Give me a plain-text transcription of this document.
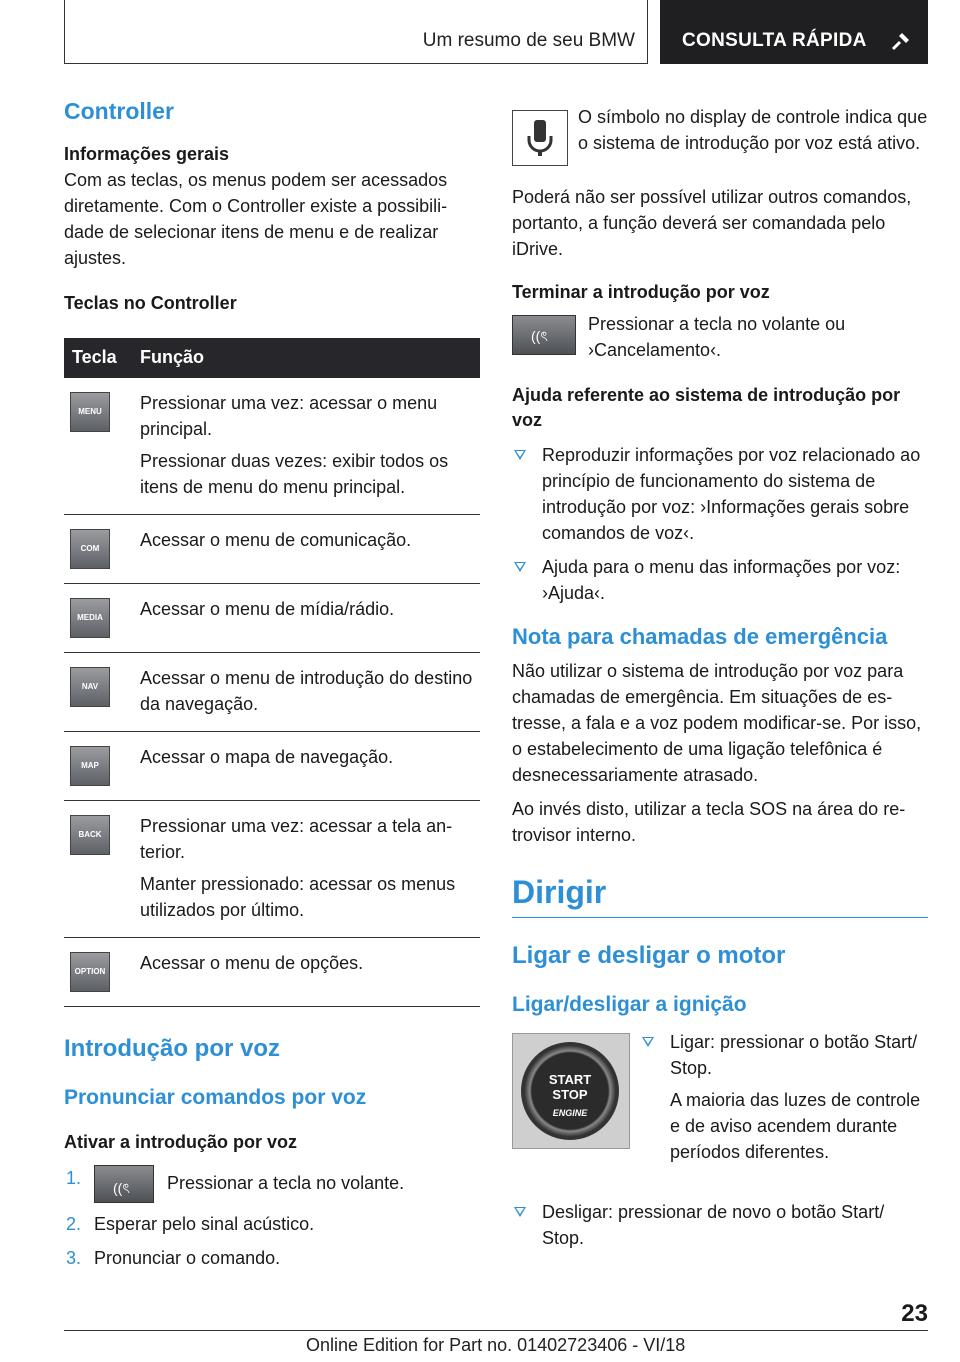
Um resumo de seu BMW CONSULTA RÁPIDA
Controller
Informações gerais

Com as teclas, os menus podem ser acessados diretamente. Com o Controller existe a possibilidade de selecionar itens de menu e de realizar ajustes.

Teclas no Controller
Tecla	Função

MENU	Pressionar uma vez: acessar o menu principal.
Pressionar duas vezes: exibir todos os itens de menu do menu principal.

COM	Acessar o menu de comunicação.

MEDIA	Acessar o menu de mídia/rádio.

NAV	Acessar o menu de introdução do destino da navegação.

MAP	Acessar o mapa de navegação.

BACK	Pressionar uma vez: acessar a tela anterior.
Manter pressionado: acessar os menus utilizados por último.

OPTION	Acessar o menu de opções.
Introdução por voz
Pronunciar comandos por voz
Ativar a introdução por voz
1. ((ৎ Pressionar a tecla no volante.
2. Esperar pelo sinal acústico.
3. Pronunciar o comando.

O símbolo no display de controle indica que o sistema de introdução por voz está ativo.

Poderá não ser possível utilizar outros comandos, portanto, a função deverá ser comandada pelo iDrive.

Terminar a introdução por voz
((ৎ

Pressionar a tecla no volante ou ›Cancelamento‹.

Ajuda referente ao sistema de introdução por voz
Reproduzir informações por voz relacionado ao princípio de funcionamento do sistema de introdução por voz: ›Informações gerais sobre comandos de voz‹.
Ajuda para o menu das informações por voz: ›Ajuda‹.
Nota para chamadas de emergência

Não utilizar o sistema de introdução por voz para chamadas de emergência. Em situações de estresse, a fala e a voz podem modificar-se. Por isso, o estabelecimento de uma ligação telefônica é desnecessariamente atrasado.

Ao invés disto, utilizar a tecla SOS na área do retrovisor interno.

Dirigir
Ligar e desligar o motor
Ligar/desligar a ignição
START
STOP
ENGINE
Ligar: pressionar o botão Start/ Stop.
A maioria das luzes de controle e de aviso acendem durante períodos diferentes.
Desligar: pressionar de novo o botão Start/ Stop.
23
Online Edition for Part no. 01402723406 - VI/18
